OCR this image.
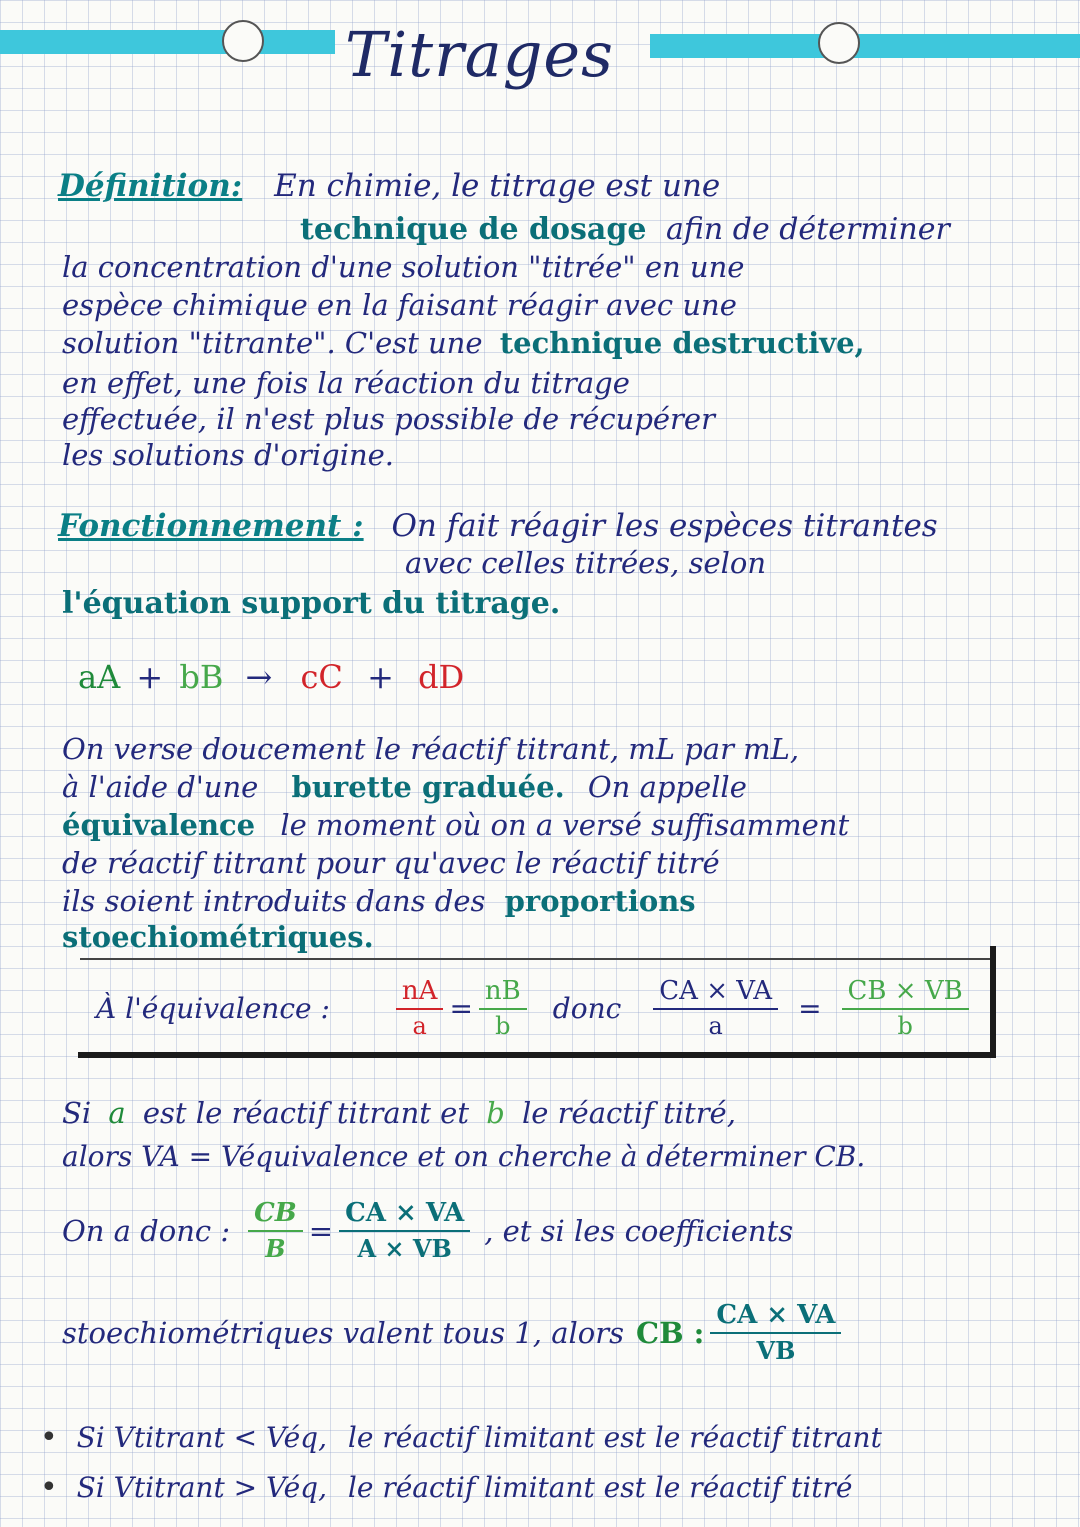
Titrages
Définition: En chimie, le titrage est une
technique de dosage afin de déterminer
la concentration d'une solution "titrée" en une
espèce chimique en la faisant réagir avec une
solution "titrante". C'est une technique destructive,
en effet, une fois la réaction du titrage
effectuée, il n'est plus possible de récupérer
les solutions d'origine.
Fonctionnement : On fait réagir les espèces titrantes
avec celles titrées, selon
l'équation support du titrage.
aA + bB → cC + dD
On verse doucement le réactif titrant, mL par mL,
à l'aide d'une burette graduée. On appelle
équivalence le moment où on a versé suffisamment
de réactif titrant pour qu'avec le réactif titré
ils soient introduits dans des proportions
stoechiométriques.
À l'équivalence :	$\frac{nA}{a} = \frac{nB}{b}$ donc $\frac{CA \times VA}{a} = \frac{CB \times VB}{b}$
Si a est le réactif titrant et b le réactif titré,
alors VA = Véquivalence et on cherche à déterminer CB.
On a donc : $\frac{CB}{B} = \frac{CA \times VA}{A \times VB}$ , et si les coefficients
stoechiométriques valent tous 1, alors CB : $\frac{CA \times VA}{VB}$
• Si Vtitrant < Véq, le réactif limitant est le réactif titrant
• Si Vtitrant > Véq, le réactif limitant est le réactif titré
